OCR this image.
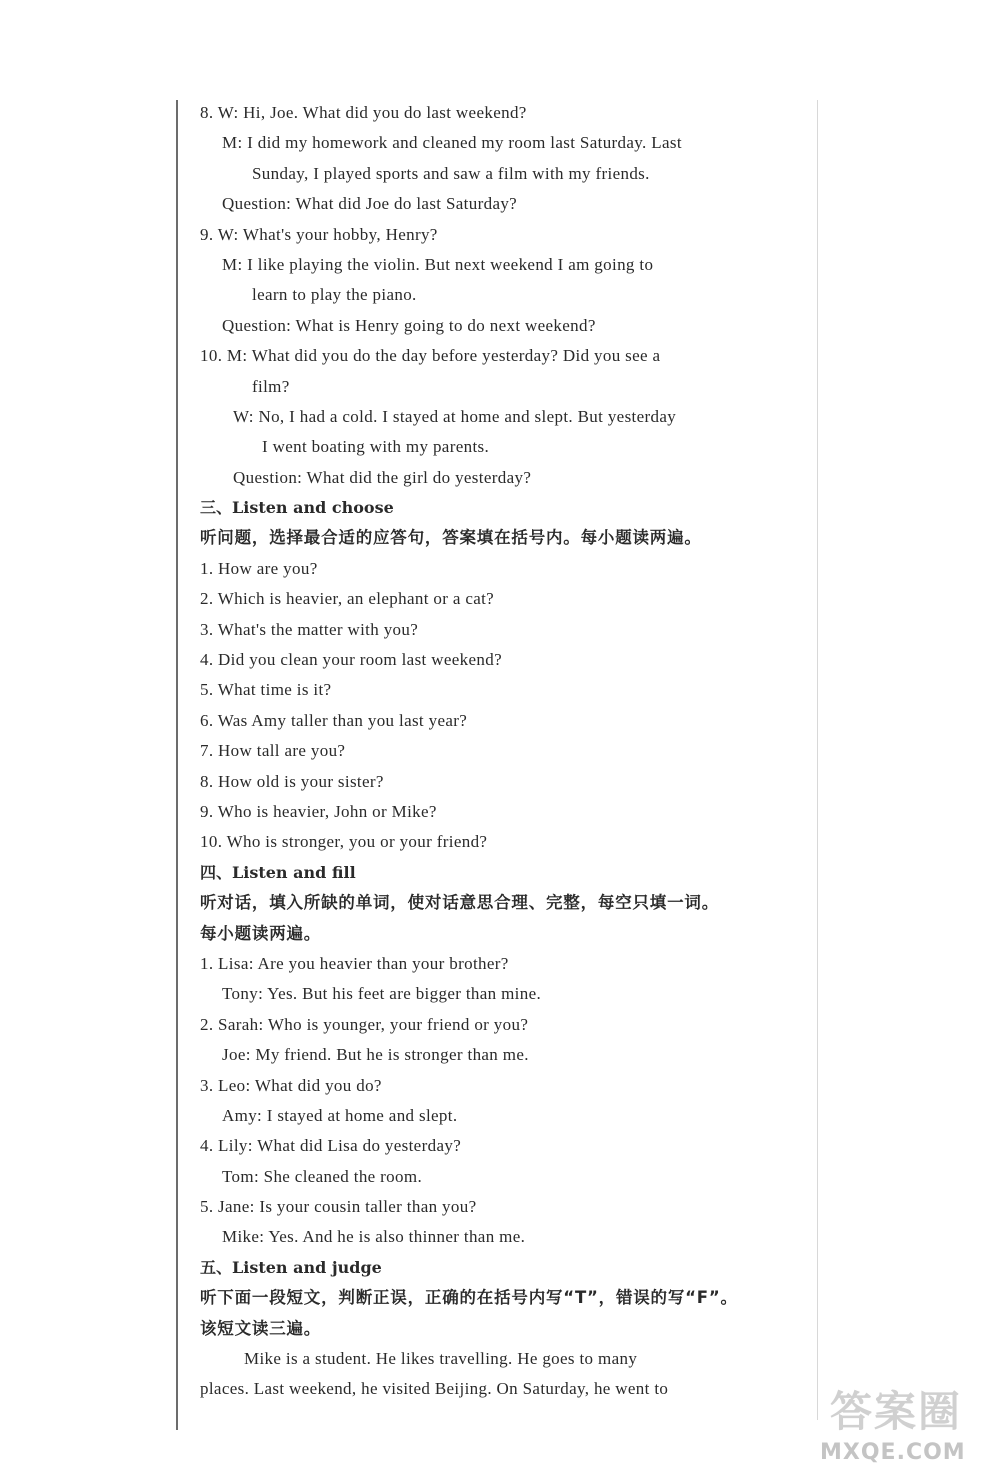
8. W: Hi, Joe. What did you do last weekend?
M: I did my homework and cleaned my room last Saturday. Last
Sunday, I played sports and saw a film with my friends.
Question: What did Joe do last Saturday?
9. W: What's your hobby, Henry?
M: I like playing the violin. But next weekend I am going to
learn to play the piano.
Question: What is Henry going to do next weekend?
10. M: What did you do the day before yesterday? Did you see a
film?
W: No, I had a cold. I stayed at home and slept. But yesterday
I went boating with my parents.
Question: What did the girl do yesterday?
三、Listen and choose
听问题，选择最合适的应答句，答案填在括号内。每小题读两遍。
1. How are you?
2. Which is heavier, an elephant or a cat?
3. What's the matter with you?
4. Did you clean your room last weekend?
5. What time is it?
6. Was Amy taller than you last year?
7. How tall are you?
8. How old is your sister?
9. Who is heavier, John or Mike?
10. Who is stronger, you or your friend?
四、Listen and fill
听对话，填入所缺的单词，使对话意思合理、完整，每空只填一词。
每小题读两遍。
1. Lisa: Are you heavier than your brother?
Tony: Yes. But his feet are bigger than mine.
2. Sarah: Who is younger, your friend or you?
Joe: My friend. But he is stronger than me.
3. Leo: What did you do?
Amy: I stayed at home and slept.
4. Lily: What did Lisa do yesterday?
Tom: She cleaned the room.
5. Jane: Is your cousin taller than you?
Mike: Yes. And he is also thinner than me.
五、Listen and judge
听下面一段短文，判断正误，正确的在括号内写“T”，错误的写“F”。
该短文读三遍。
Mike is a student. He likes travelling. He goes to many
places. Last weekend, he visited Beijing. On Saturday, he went to	答案圈
MXQE.COM
